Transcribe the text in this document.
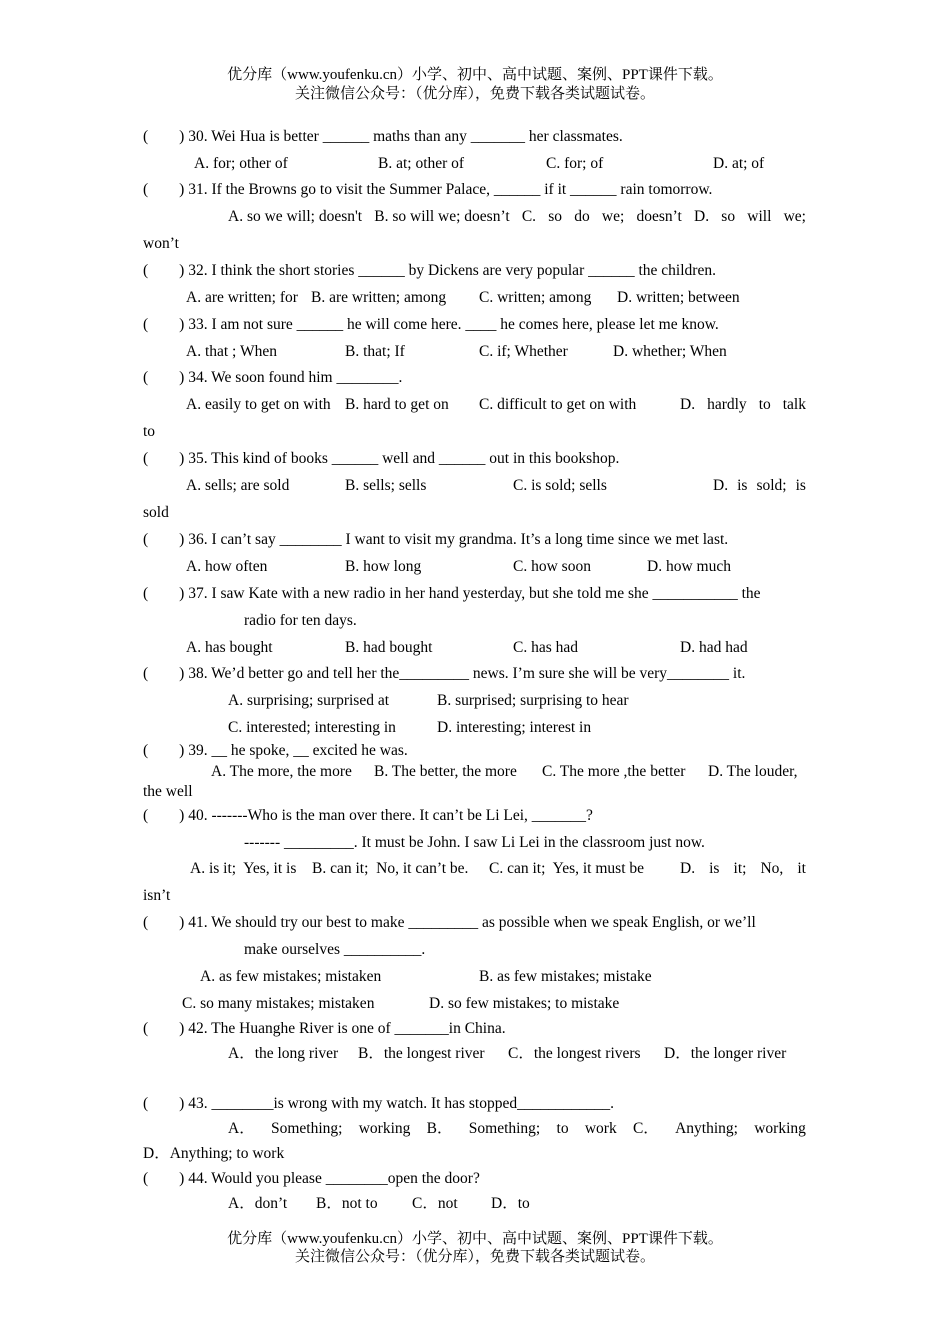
优分库（www.youfenku.cn）小学、初中、高中试题、案例、PPT课件下载。
关注微信公众号：（优分库），免费下载各类试题试卷。
(        ) 30. Wei Hua is better ______ maths than any _______ her classmates.
A. for; other of	B. at; other of	C. for; of	D. at; of
(        ) 31. If the Browns go to visit the Summer Palace, ______ if it ______ rain tomorrow.
A. so we will; doesn't B. so will we; doesn’t C. so do we; doesn’t D. so will we;
won’t
(        ) 32. I think the short stories ______ by Dickens are very popular ______ the children.
A. are written; for B. are written; among C. written; among D. written; between
(        ) 33. I am not sure ______ he will come here. ____ he comes here, please let me know.
A. that ; When	B. that; If	C. if; Whether	D. whether; When
(        ) 34. We soon found him ________.
A. easily to get on with B. hard to get on C. difficult to get on with	D. hardly to talk
to
(        ) 35. This kind of books ______ well and ______ out in this bookshop.
A. sells; are sold	B. sells; sells	C. is sold; sells	D. is sold; is
sold
(        ) 36. I can’t say ________ I want to visit my grandma. It’s a long time since we met last.
A. how often	B. how long	C. how soon	D. how much
(        ) 37. I saw Kate with a new radio in her hand yesterday, but she told me she ___________ the
radio for ten days.
A. has bought	B. had bought	C. has had	D. had had
(        ) 38. We’d better go and tell her the_________ news. I’m sure she will be very________ it.
A. surprising; surprised at	B. surprised; surprising to hear
C. interested; interesting in	D. interesting; interest in
(        ) 39. __ he spoke, __ excited he was.
A. The more, the more B. The better, the more C. The more ,the better D. The louder,
the well
(        ) 40. -------Who is the man over there. It can’t be Li Lei, _______?
------- _________. It must be John. I saw Li Lei in the classroom just now.
A. is it;  Yes, it is B. can it;  No, it can’t be. C. can it;  Yes, it must be D. is it; No, it
isn’t
(        ) 41. We should try our best to make _________ as possible when we speak English, or we’ll
make ourselves __________.
A. as few mistakes; mistaken	B. as few mistakes; mistake
C. so many mistakes; mistaken	D. so few mistakes; to mistake
(        ) 42. The Huanghe River is one of _______in China.
A．the long river B．the longest river C．the longest rivers D．the longer river
(        ) 43. ________is wrong with my watch. It has stopped____________.
A． Something; working B． Something; to work C． Anything; working
D．Anything; to work
(        ) 44. Would you please ________open the door?
A．don’t B．not to C．not D．to
优分库（www.youfenku.cn）小学、初中、高中试题、案例、PPT课件下载。
关注微信公众号：（优分库），免费下载各类试题试卷。
